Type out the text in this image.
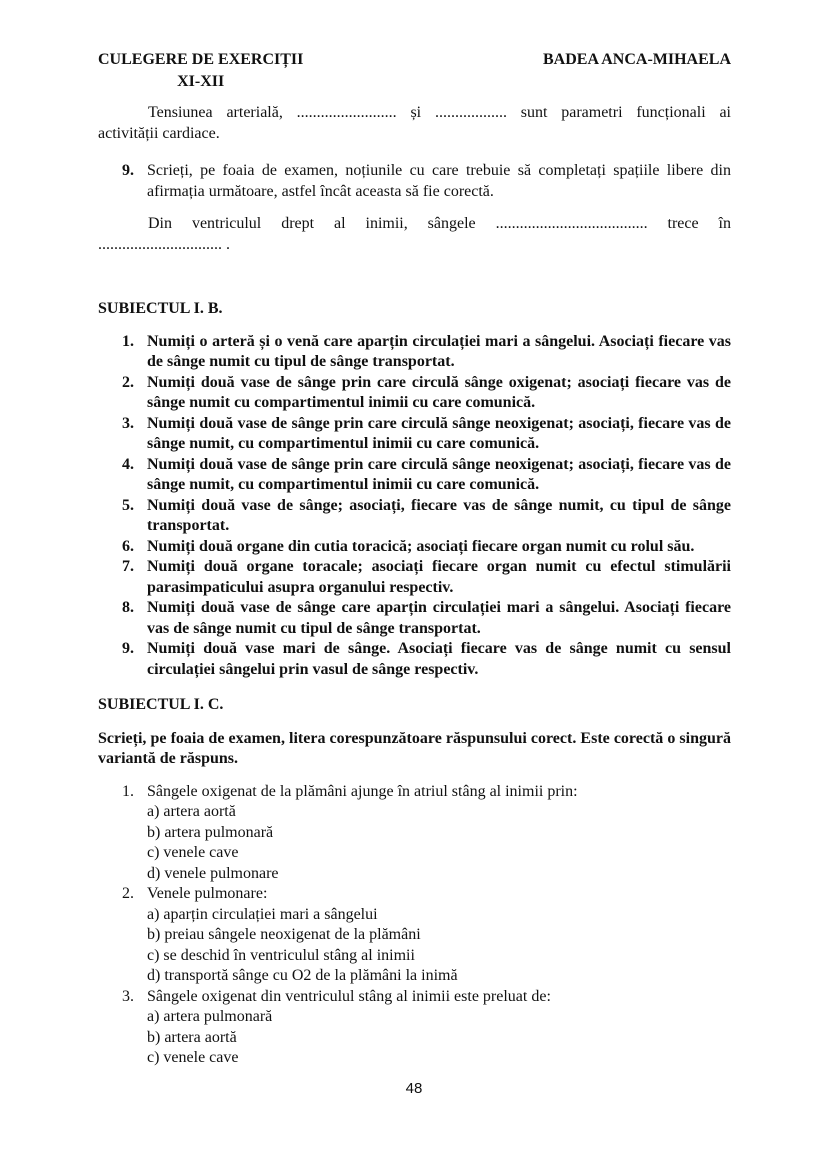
CULEGERE DE EXERCIȚII
XI-XII
BADEA ANCA-MIHAELA
Tensiunea arterială, ......................... și .................. sunt parametri funcționali ai
activității cardiace.
9. Scrieți, pe foaia de examen, noțiunile cu care trebuie să completați spațiile libere din afirmația următoare, astfel încât aceasta să fie corectă.
Din ventriculul drept al inimii, sângele ...................................... trece în
............................... .
SUBIECTUL I. B.
1. Numiți o arteră și o venă care aparțin circulației mari a sângelui. Asociați fiecare vas de sânge numit cu tipul de sânge transportat.
2. Numiți două vase de sânge prin care circulă sânge oxigenat; asociați fiecare vas de sânge numit cu compartimentul inimii cu care comunică.
3. Numiți două vase de sânge prin care circulă sânge neoxigenat; asociați, fiecare vas de sânge numit, cu compartimentul inimii cu care comunică.
4. Numiți două vase de sânge prin care circulă sânge neoxigenat; asociați, fiecare vas de sânge numit, cu compartimentul inimii cu care comunică.
5. Numiți două vase de sânge; asociați, fiecare vas de sânge numit, cu tipul de sânge transportat.
6. Numiți două organe din cutia toracică; asociați fiecare organ numit cu rolul său.
7. Numiți două organe toracale; asociați fiecare organ numit cu efectul stimulării parasimpaticului asupra organului respectiv.
8. Numiți două vase de sânge care aparțin circulației mari a sângelui. Asociați fiecare vas de sânge numit cu tipul de sânge transportat.
9. Numiți două vase mari de sânge. Asociați fiecare vas de sânge numit cu sensul circulației sângelui prin vasul de sânge respectiv.
SUBIECTUL I. C.
Scrieți, pe foaia de examen, litera corespunzătoare răspunsului corect. Este corectă o singură variantă de răspuns.
1. Sângele oxigenat de la plămâni ajunge în atriul stâng al inimii prin:
a) artera aortă
b) artera pulmonară
c) venele cave
d) venele pulmonare
2. Venele pulmonare:
a) aparțin circulației mari a sângelui
b) preiau sângele neoxigenat de la plămâni
c) se deschid în ventriculul stâng al inimii
d) transportă sânge cu O2 de la plămâni la inimă
3. Sângele oxigenat din ventriculul stâng al inimii este preluat de:
a) artera pulmonară
b) artera aortă
c) venele cave
48
